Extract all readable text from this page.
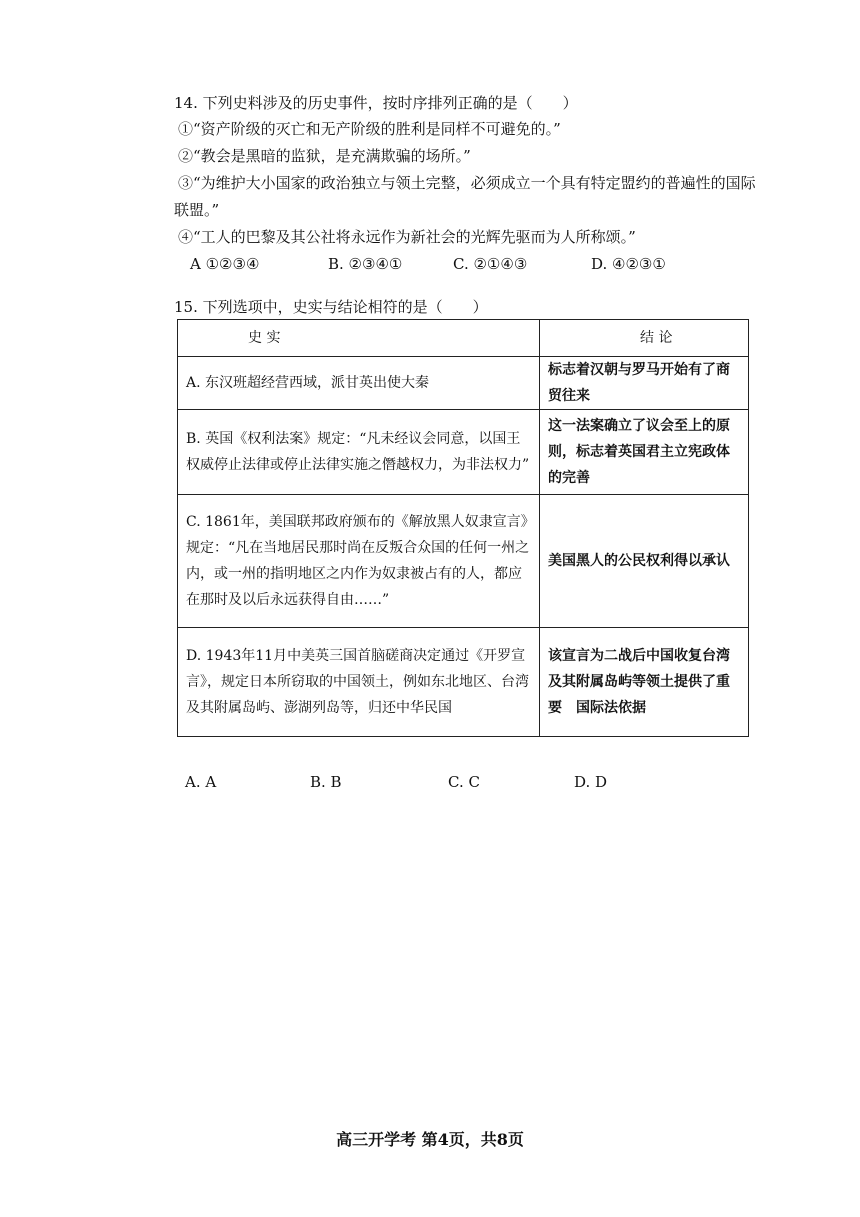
14. 下列史料涉及的历史事件，按时序排列正确的是（　　）

①“资产阶级的灭亡和无产阶级的胜利是同样不可避免的。”

②“教会是黑暗的监狱，是充满欺骗的场所。”

③“为维护大小国家的政治独立与领土完整，必须成立一个具有特定盟约的普遍性的国际

联盟。”

④“工人的巴黎及其公社将永远作为新社会的光辉先驱而为人所称颂。”

A ①②③④	B. ②③④①	C. ②①④③	D. ④②③①
15. 下列选项中，史实与结论相符的是（　　）
史 实	结 论
A. 东汉班超经营西域，派甘英出使大秦	标志着汉朝与罗马开始有了商贸往来
B. 英国《权利法案》规定：“凡未经议会同意，以国王权威停止法律或停止法律实施之僭越权力，为非法权力”	这一法案确立了议会至上的原则，标志着英国君主立宪政体的完善
C. 1861年，美国联邦政府颁布的《解放黑人奴隶宣言》规定：“凡在当地居民那时尚在反叛合众国的任何一州之内，或一州的指明地区之内作为奴隶被占有的人，都应在那时及以后永远获得自由……”	美国黑人的公民权利得以承认
D. 1943年11月中美英三国首脑磋商决定通过《开罗宣言》，规定日本所窃取的中国领土，例如东北地区、台湾及其附属岛屿、澎湖列岛等，归还中华民国	该宣言为二战后中国收复台湾及其附属岛屿等领土提供了重要　国际法依据
A. A	B. B	C. C	D. D
高三开学考 第4页，共8页
